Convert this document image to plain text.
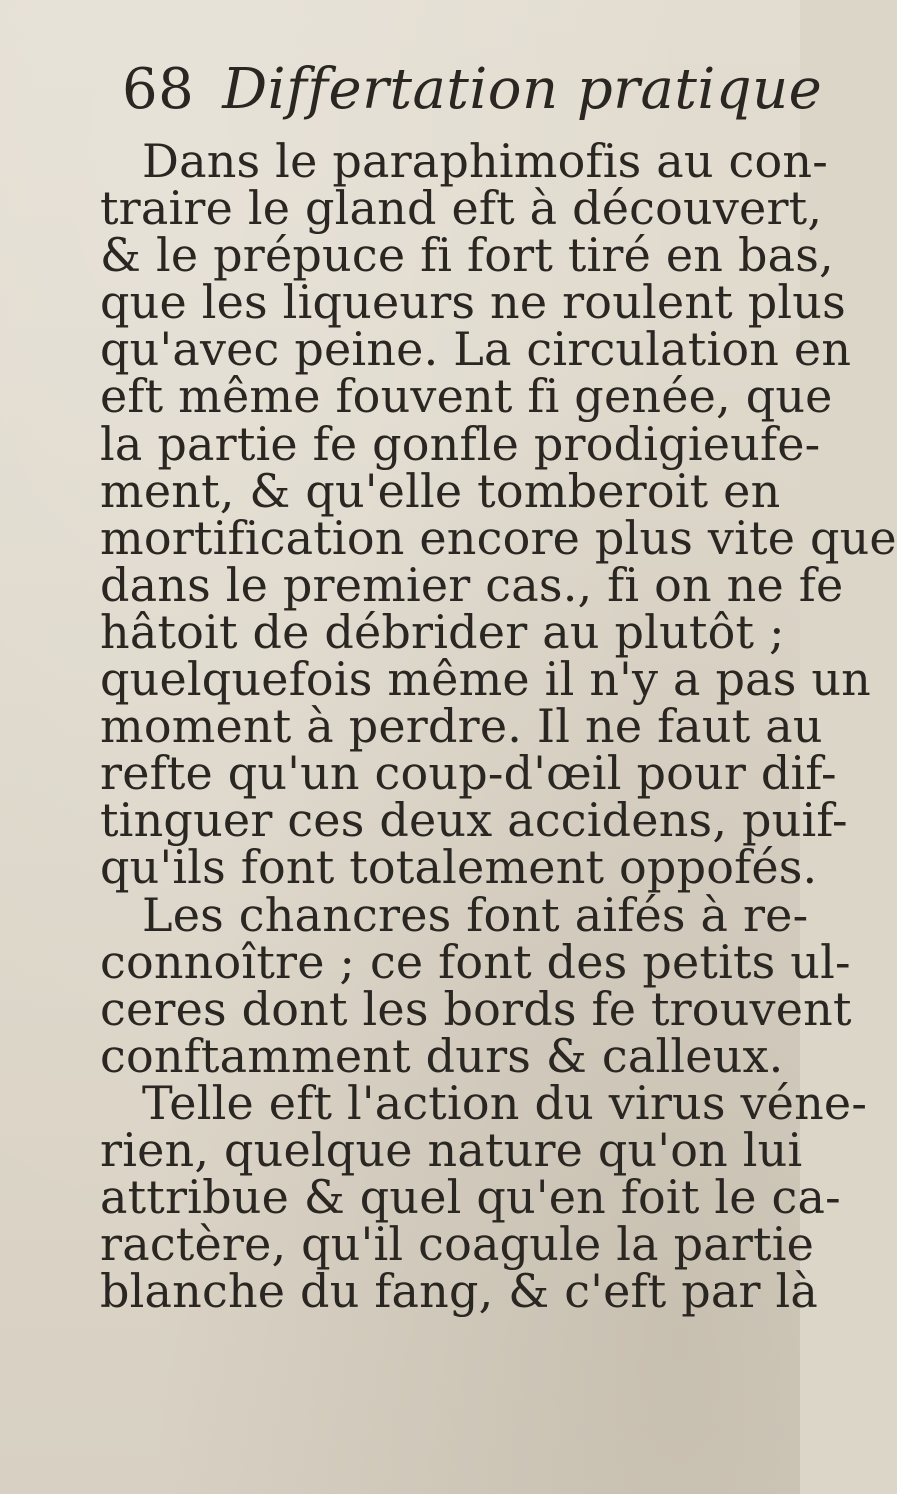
68 Differtation pratique
Dans le paraphimofis au con-
traire le gland eft à découvert,
& le prépuce fi fort tiré en bas,
que les liqueurs ne roulent plus
qu'avec peine. La circulation en
eft même fouvent fi genée, que
la partie fe gonfle prodigieufe-
ment, & qu'elle tomberoit en
mortification encore plus vite que
dans le premier cas., fi on ne fe
hâtoit de débrider au plutôt ;
quelquefois même il n'y a pas un
moment à perdre. Il ne faut au
refte qu'un coup-d'œil pour dif-
tinguer ces deux accidens, puif-
qu'ils font totalement oppofés.
Les chancres font aifés à re-
connoître ; ce font des petits ul-
ceres dont les bords fe trouvent
conftamment durs & calleux.
Telle eft l'action du virus véne-
rien, quelque nature qu'on lui
attribue & quel qu'en foit le ca-
ractère, qu'il coagule la partie
blanche du fang, & c'eft par là
